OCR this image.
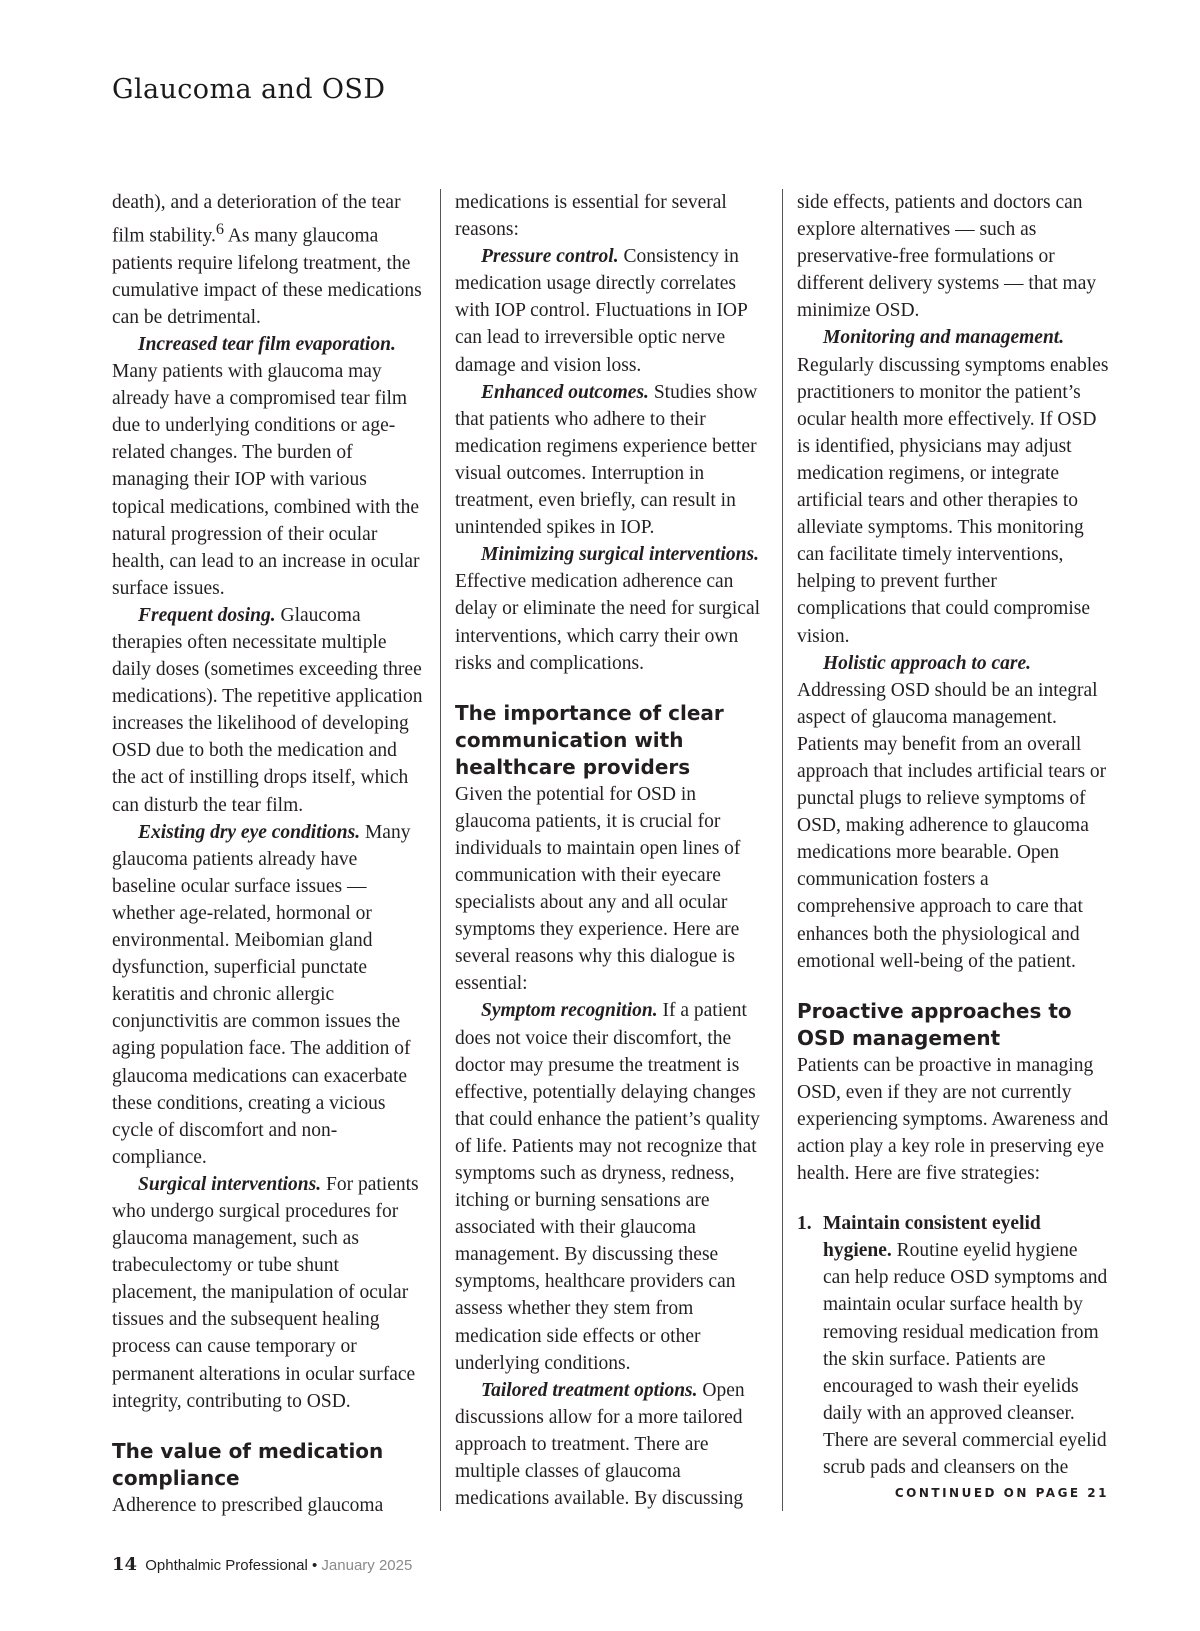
Glaucoma and OSD

death), and a deterioration of the tear film stability.$^6$ As many glaucoma patients require lifelong treatment, the cumulative impact of these medications can be detrimental.

Increased tear film evaporation. Many patients with glaucoma may already have a compromised tear film due to underlying conditions or age-related changes. The burden of managing their IOP with various topical medications, combined with the natural progression of their ocular health, can lead to an increase in ocular surface issues.

Frequent dosing. Glaucoma therapies often necessitate multiple daily doses (sometimes exceeding three medications). The repetitive application increases the likelihood of developing OSD due to both the medication and the act of instilling drops itself, which can disturb the tear film.

Existing dry eye conditions. Many glaucoma patients already have baseline ocular surface issues — whether age-related, hormonal or environmental. Meibomian gland dysfunction, superficial punctate keratitis and chronic allergic conjunctivitis are common issues the aging population face. The addition of glaucoma medications can exacerbate these conditions, creating a vicious cycle of discomfort and non-compliance.

Surgical interventions. For patients who undergo surgical procedures for glaucoma management, such as trabeculectomy or tube shunt placement, the manipulation of ocular tissues and the subsequent healing process can cause temporary or permanent alterations in ocular surface integrity, contributing to OSD.

The value of medication compliance

Adherence to prescribed glaucoma

medications is essential for several reasons:

Pressure control. Consistency in medication usage directly correlates with IOP control. Fluctuations in IOP can lead to irreversible optic nerve damage and vision loss.

Enhanced outcomes. Studies show that patients who adhere to their medication regimens experience better visual outcomes. Interruption in treatment, even briefly, can result in unintended spikes in IOP.

Minimizing surgical interventions. Effective medication adherence can delay or eliminate the need for surgical interventions, which carry their own risks and complications.

The importance of clear communication with healthcare providers

Given the potential for OSD in glaucoma patients, it is crucial for individuals to maintain open lines of communication with their eyecare specialists about any and all ocular symptoms they experience. Here are several reasons why this dialogue is essential:

Symptom recognition. If a patient does not voice their discomfort, the doctor may presume the treatment is effective, potentially delaying changes that could enhance the patient’s quality of life. Patients may not recognize that symptoms such as dryness, redness, itching or burning sensations are associated with their glaucoma management. By discussing these symptoms, healthcare providers can assess whether they stem from medication side effects or other underlying conditions.

Tailored treatment options. Open discussions allow for a more tailored approach to treatment. There are multiple classes of glaucoma medications available. By discussing

side effects, patients and doctors can explore alternatives — such as preservative-free formulations or different delivery systems — that may minimize OSD.

Monitoring and management. Regularly discussing symptoms enables practitioners to monitor the patient’s ocular health more effectively. If OSD is identified, physicians may adjust medication regimens, or integrate artificial tears and other therapies to alleviate symptoms. This monitoring can facilitate timely interventions, helping to prevent further complications that could compromise vision.

Holistic approach to care. Addressing OSD should be an integral aspect of glaucoma management. Patients may benefit from an overall approach that includes artificial tears or punctal plugs to relieve symptoms of OSD, making adherence to glaucoma medications more bearable. Open communication fosters a comprehensive approach to care that enhances both the physiological and emotional well-being of the patient.

Proactive approaches to OSD management

Patients can be proactive in managing OSD, even if they are not currently experiencing symptoms. Awareness and action play a key role in preserving eye health. Here are five strategies:

1. Maintain consistent eyelid hygiene. Routine eyelid hygiene can help reduce OSD symptoms and maintain ocular surface health by removing residual medication from the skin surface. Patients are encouraged to wash their eyelids daily with an approved cleanser. There are several commercial eyelid scrub pads and cleansers on the
CONTINUED ON PAGE 21
14 Ophthalmic Professional • January 2025
